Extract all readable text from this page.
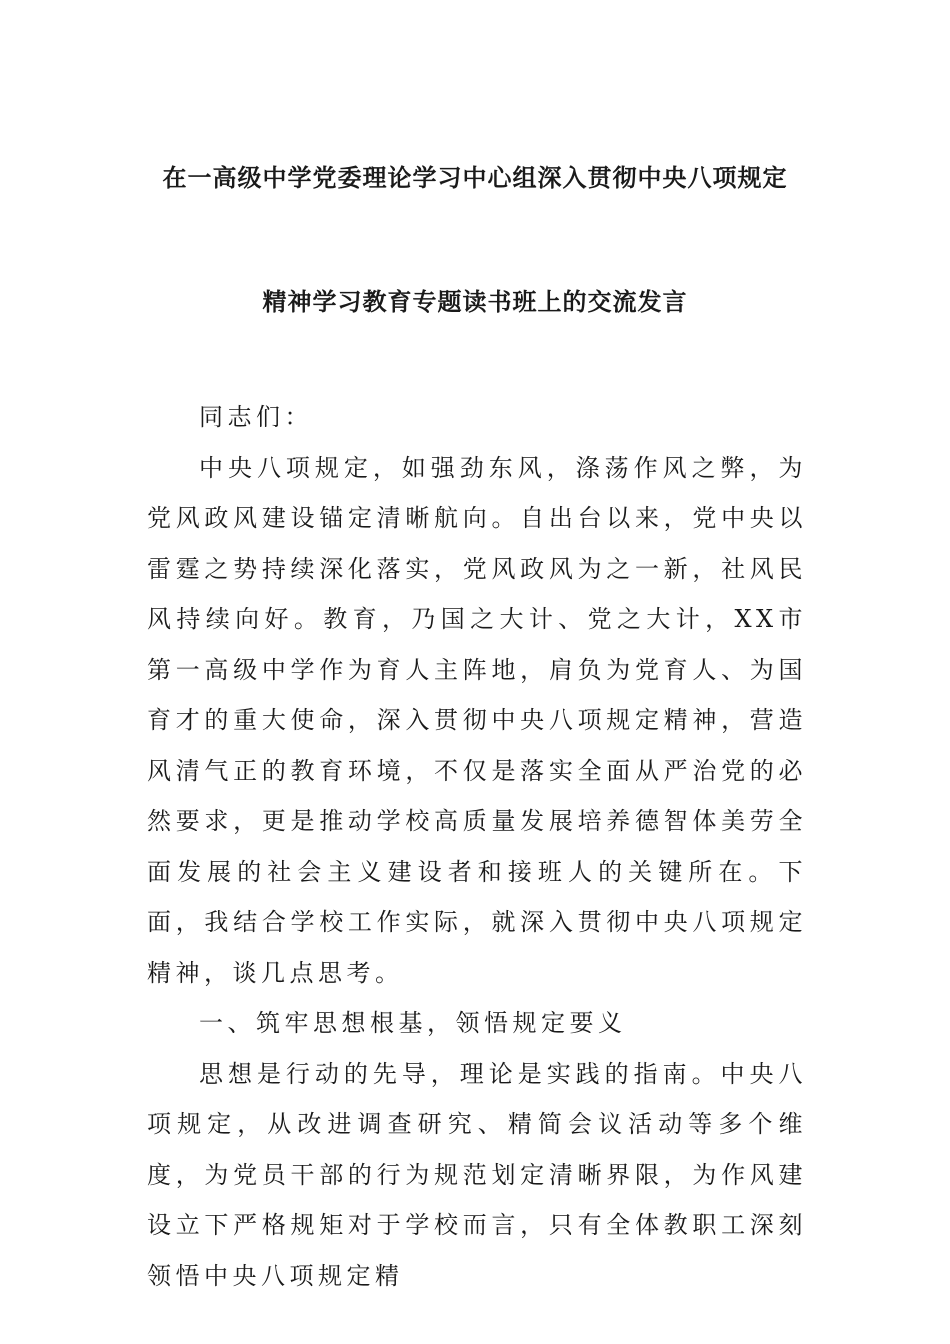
在一高级中学党委理论学习中心组深入贯彻中央八项规定
精神学习教育专题读书班上的交流发言

同志们：

中央八项规定，如强劲东风，涤荡作风之弊，为党风政风建设锚定清晰航向。自出台以来，党中央以雷霆之势持续深化落实，党风政风为之一新，社风民风持续向好。教育，乃国之大计、党之大计，XX市第一高级中学作为育人主阵地，肩负为党育人、为国育才的重大使命，深入贯彻中央八项规定精神，营造风清气正的教育环境，不仅是落实全面从严治党的必然要求，更是推动学校高质量发展培养德智体美劳全面发展的社会主义建设者和接班人的关键所在。下面，我结合学校工作实际，就深入贯彻中央八项规定精神，谈几点思考。

一、筑牢思想根基，领悟规定要义

思想是行动的先导，理论是实践的指南。中央八项规定，从改进调查研究、精简会议活动等多个维度，为党员干部的行为规范划定清晰界限，为作风建设立下严格规矩对于学校而言，只有全体教职工深刻领悟中央八项规定精
